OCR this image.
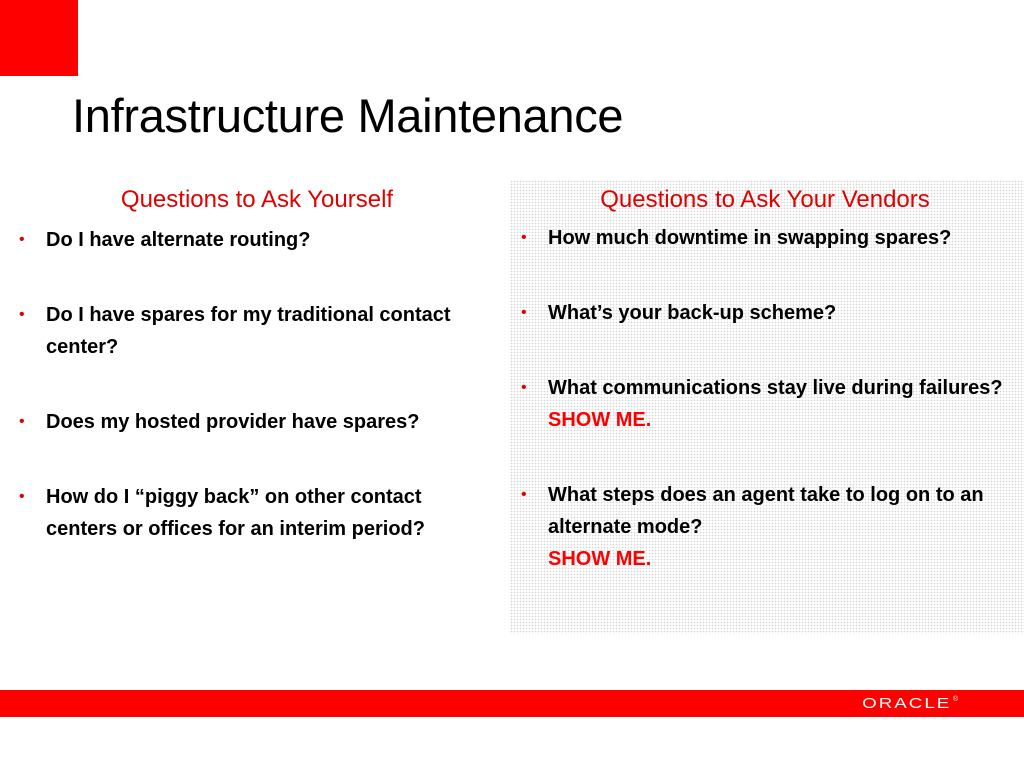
Infrastructure Maintenance
Questions to Ask Yourself
• Do I have alternate routing?
• Do I have spares for my traditional contact center?
• Does my hosted provider have spares?
• How do I “piggy back” on other contact centers or offices for an interim period?
Questions to Ask Your Vendors
• How much downtime in swapping spares?
• What’s your back-up scheme?
• What communications stay live during failures? SHOW ME.
• What steps does an agent take to log on to an alternate mode?
SHOW ME.
ORACLE ®
